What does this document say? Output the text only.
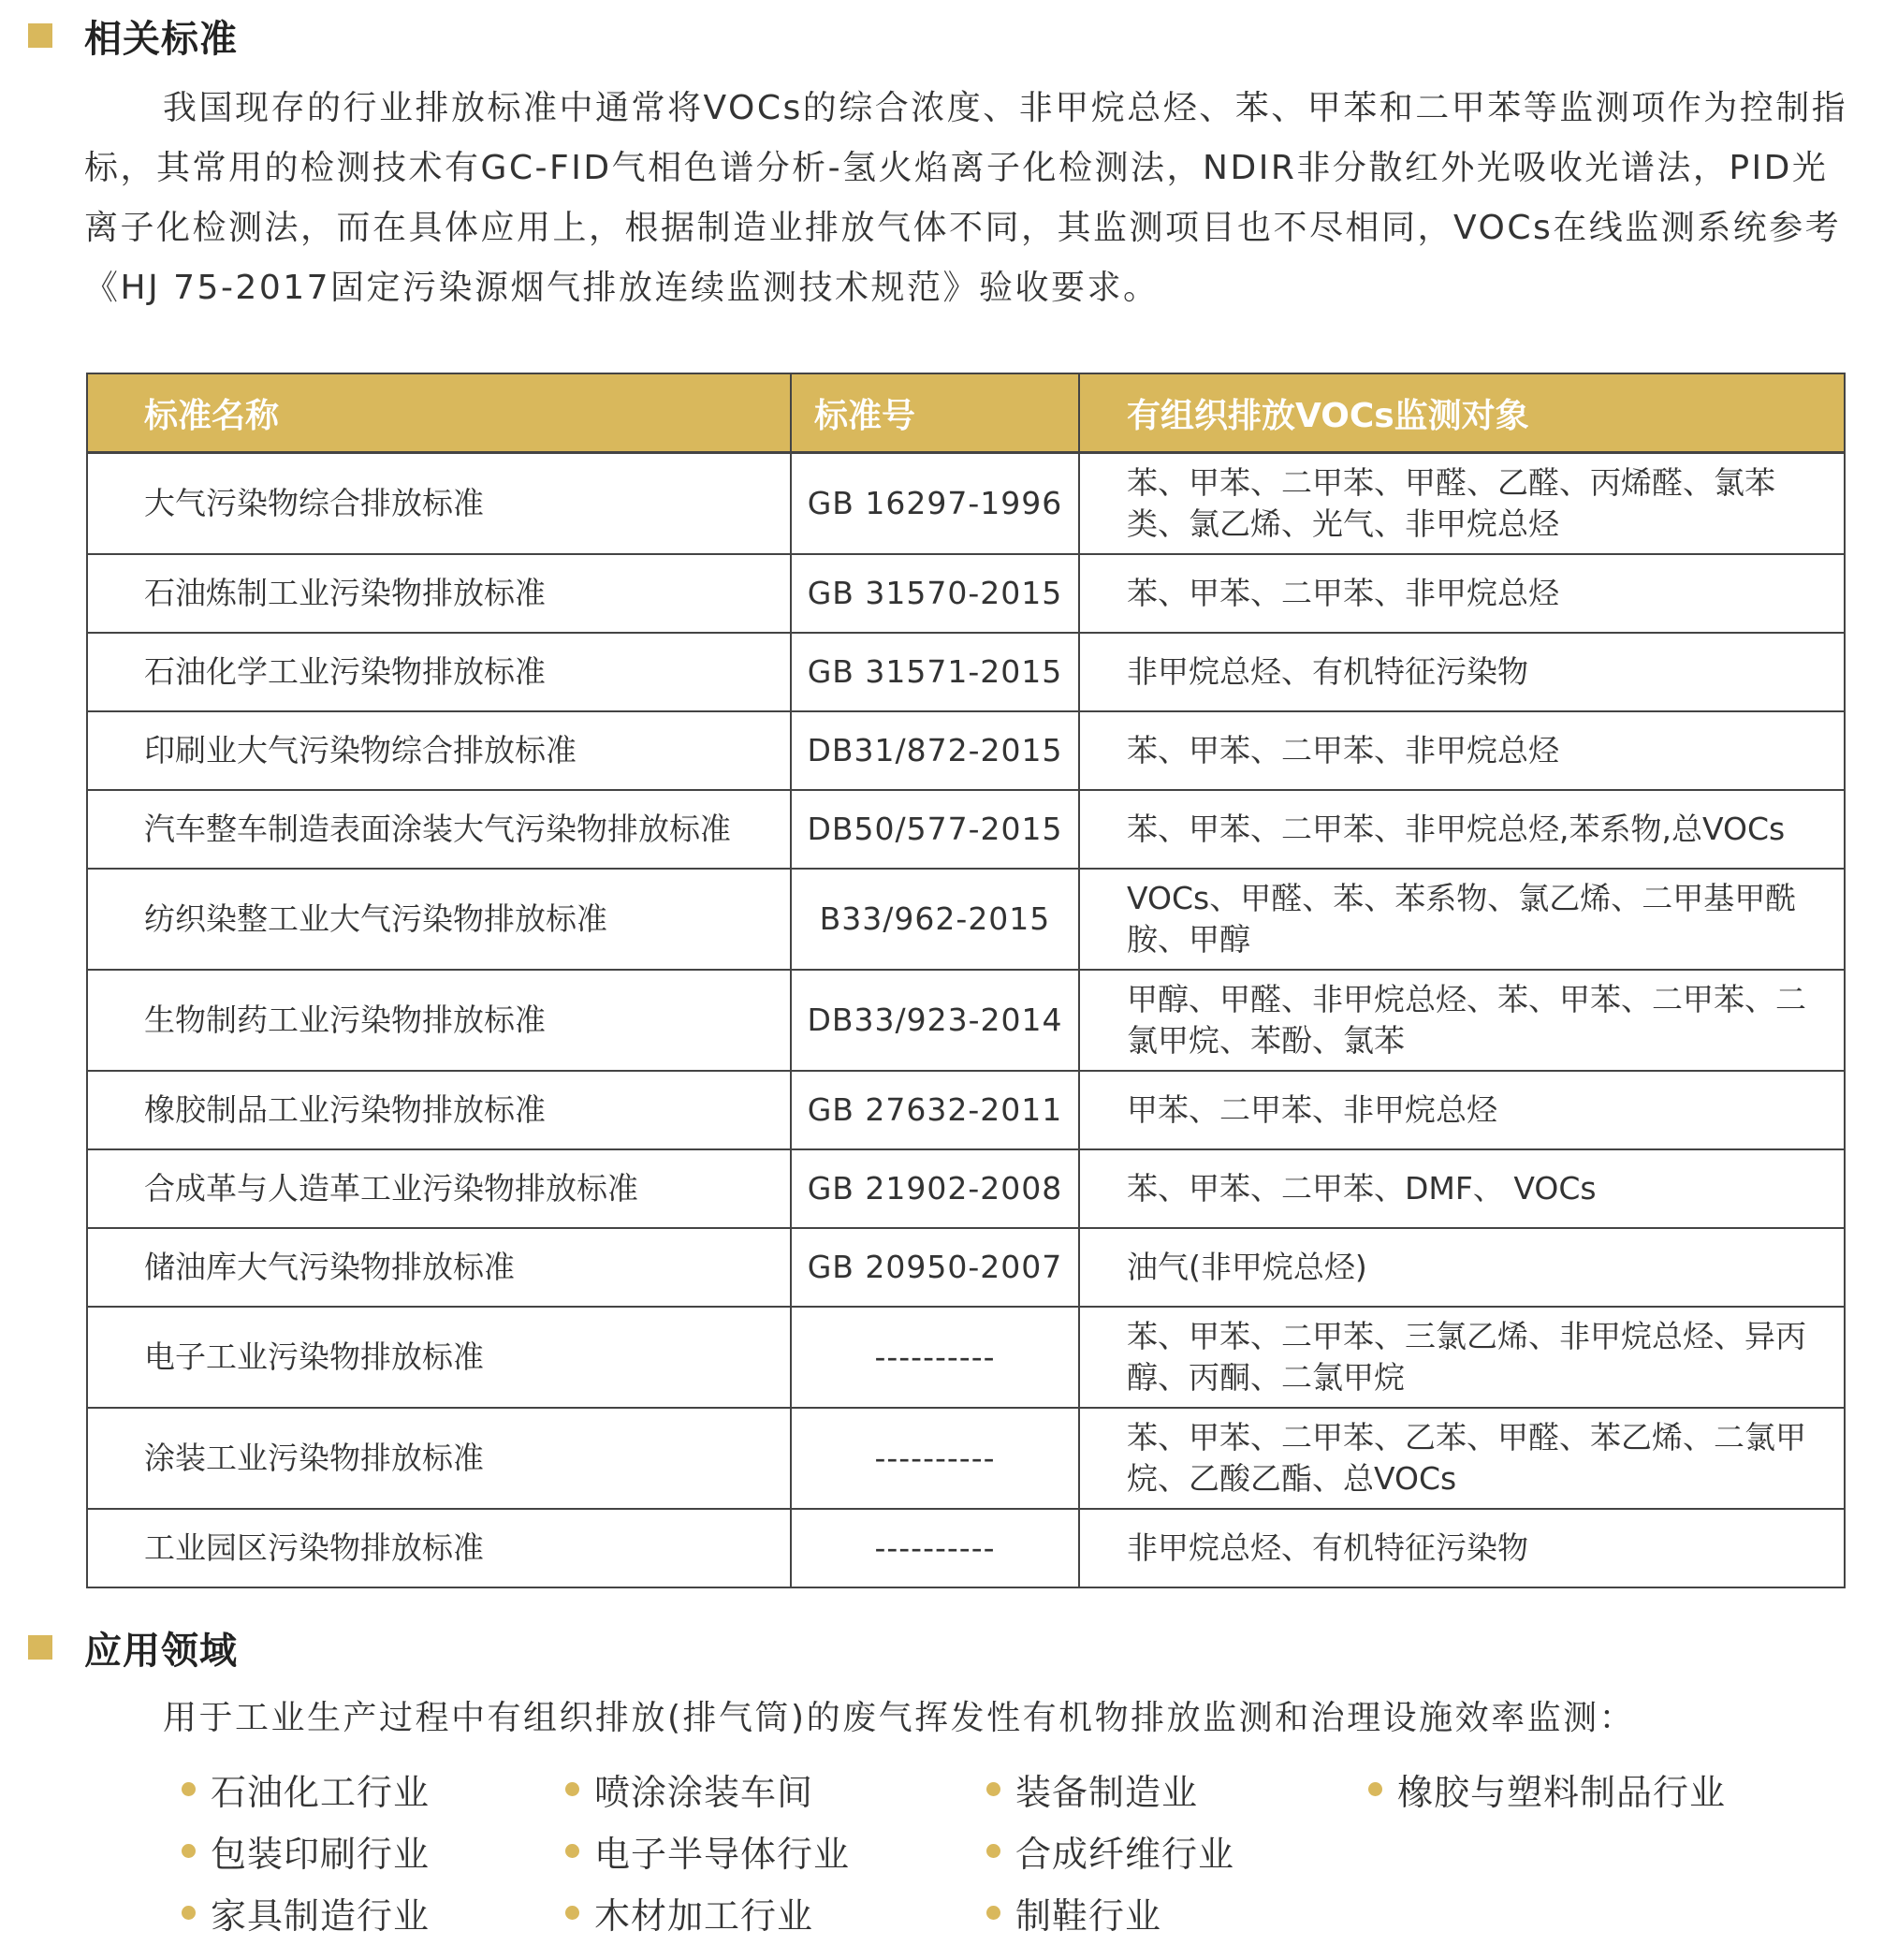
相关标准
我国现存的行业排放标准中通常将VOCs的综合浓度、非甲烷总烃、苯、甲苯和二甲苯等监测项作为控制指标，其常用的检测技术有GC-FID气相色谱分析-氢火焰离子化检测法，NDIR非分散红外光吸收光谱法，PID光离子化检测法，而在具体应用上，根据制造业排放气体不同，其监测项目也不尽相同，VOCs在线监测系统参考《HJ 75-2017固定污染源烟气排放连续监测技术规范》验收要求。
标准名称	标准号	有组织排放VOCs监测对象
大气污染物综合排放标准	GB 16297-1996	苯、甲苯、二甲苯、甲醛、乙醛、丙烯醛、氯苯类、氯乙烯、光气、非甲烷总烃
石油炼制工业污染物排放标准	GB 31570-2015	苯、甲苯、二甲苯、非甲烷总烃
石油化学工业污染物排放标准	GB 31571-2015	非甲烷总烃、有机特征污染物
印刷业大气污染物综合排放标准	DB31/872-2015	苯、甲苯、二甲苯、非甲烷总烃
汽车整车制造表面涂装大气污染物排放标准	DB50/577-2015	苯、甲苯、二甲苯、非甲烷总烃,苯系物,总VOCs
纺织染整工业大气污染物排放标准	B33/962-2015	VOCs、甲醛、苯、苯系物、氯乙烯、二甲基甲酰胺、甲醇
生物制药工业污染物排放标准	DB33/923-2014	甲醇、甲醛、非甲烷总烃、苯、甲苯、二甲苯、二氯甲烷、苯酚、氯苯
橡胶制品工业污染物排放标准	GB 27632-2011	甲苯、二甲苯、非甲烷总烃
合成革与人造革工业污染物排放标准	GB 21902-2008	苯、甲苯、二甲苯、DMF、 VOCs
储油库大气污染物排放标准	GB 20950-2007	油气(非甲烷总烃)
电子工业污染物排放标准	----------	苯、甲苯、二甲苯、三氯乙烯、非甲烷总烃、异丙醇、丙酮、二氯甲烷
涂装工业污染物排放标准	----------	苯、甲苯、二甲苯、乙苯、甲醛、苯乙烯、二氯甲烷、乙酸乙酯、总VOCs
工业园区污染物排放标准	----------	非甲烷总烃、有机特征污染物
应用领域
用于工业生产过程中有组织排放(排气筒)的废气挥发性有机物排放监测和治理设施效率监测：
石油化工行业	喷涂涂装车间	装备制造业	橡胶与塑料制品行业
包装印刷行业	电子半导体行业	合成纤维行业
家具制造行业	木材加工行业	制鞋行业
